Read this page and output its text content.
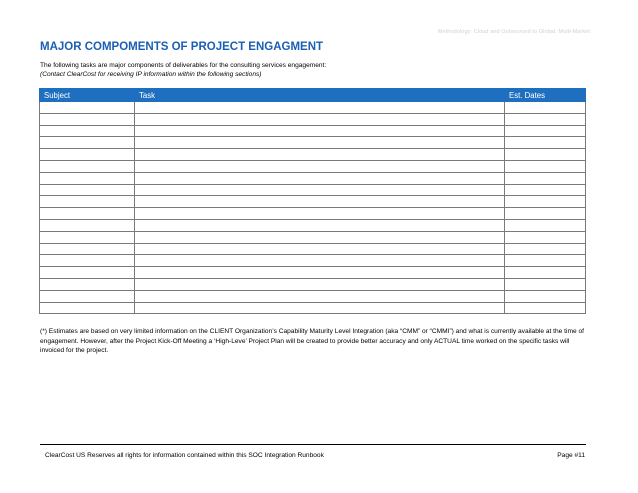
Methodology: Cloud and Outsourced to Global, Multi-Market
MAJOR COMPOMENTS OF PROJECT ENGAGMENT
The following tasks are major components of deliverables for the consulting services engagement:
(Contact ClearCost for receiving IP information within the following sections)
Subject	Task	Est. Dates

(*) Estimates are based on very limited information on the CLIENT Organization’s Capability Maturity Level Integration (aka “CMM” or “CMMI”) and what is currently available at the time of engagement. However, after the Project Kick-Off Meeting a ‘High-Leve’ Project Plan will be created to provide better accuracy and only ACTUAL time worked on the specific tasks will invoiced for the project.
ClearCost US Reserves all rights for information contained within this SOC Integration Runbook	Page #11
